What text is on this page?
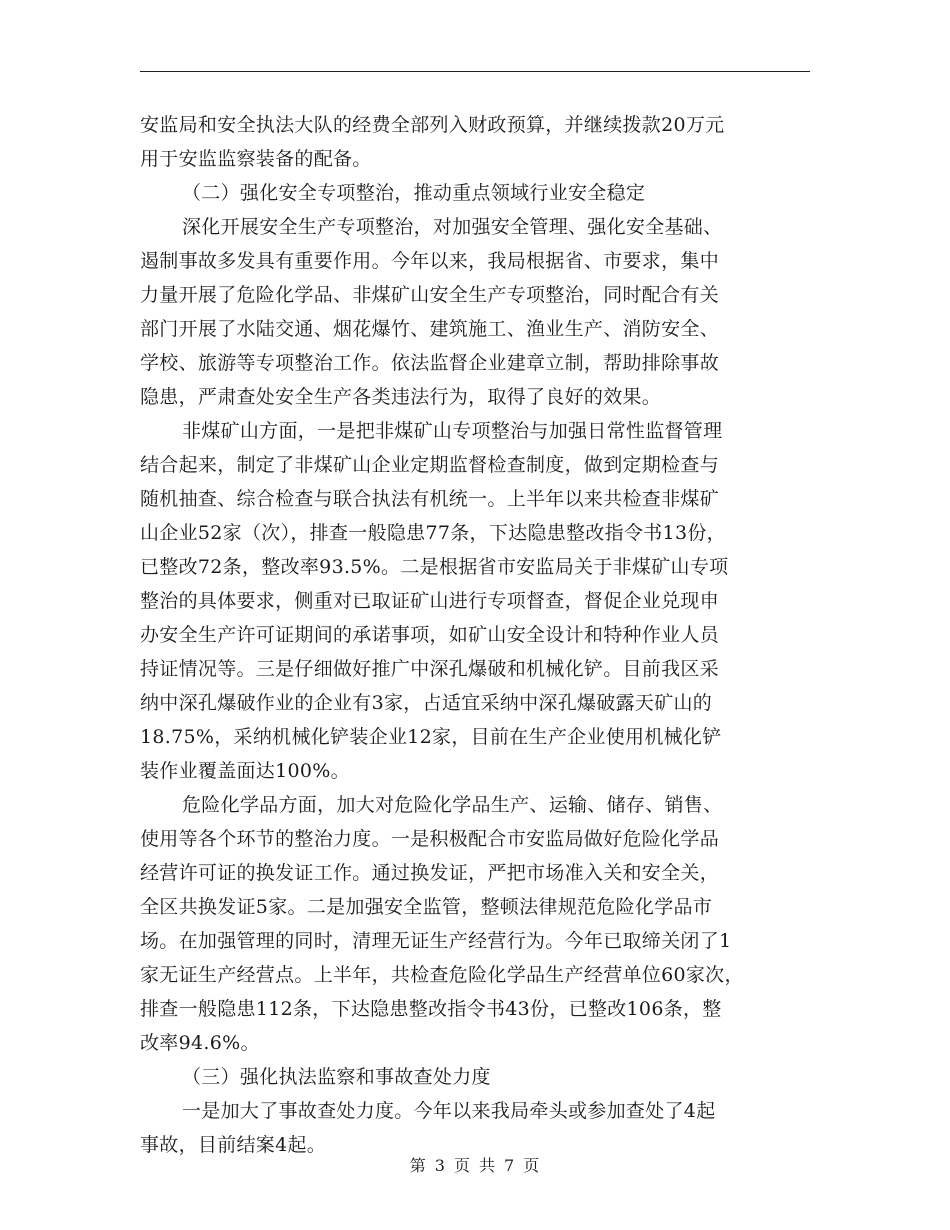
安监局和安全执法大队的经费全部列入财政预算，并继续拨款20万元
用于安监监察装备的配备。
（二）强化安全专项整治，推动重点领域行业安全稳定
深化开展安全生产专项整治，对加强安全管理、强化安全基础、
遏制事故多发具有重要作用。今年以来，我局根据省、市要求，集中
力量开展了危险化学品、非煤矿山安全生产专项整治，同时配合有关
部门开展了水陆交通、烟花爆竹、建筑施工、渔业生产、消防安全、
学校、旅游等专项整治工作。依法监督企业建章立制，帮助排除事故
隐患，严肃查处安全生产各类违法行为，取得了良好的效果。
非煤矿山方面，一是把非煤矿山专项整治与加强日常性监督管理
结合起来，制定了非煤矿山企业定期监督检查制度，做到定期检查与
随机抽查、综合检查与联合执法有机统一。上半年以来共检查非煤矿
山企业52家（次），排查一般隐患77条，下达隐患整改指令书13份，
已整改72条，整改率93.5%。二是根据省市安监局关于非煤矿山专项
整治的具体要求，侧重对已取证矿山进行专项督查，督促企业兑现申
办安全生产许可证期间的承诺事项，如矿山安全设计和特种作业人员
持证情况等。三是仔细做好推广中深孔爆破和机械化铲。目前我区采
纳中深孔爆破作业的企业有3家，占适宜采纳中深孔爆破露天矿山的
18.75%，采纳机械化铲装企业12家，目前在生产企业使用机械化铲
装作业覆盖面达100%。
危险化学品方面，加大对危险化学品生产、运输、储存、销售、
使用等各个环节的整治力度。一是积极配合市安监局做好危险化学品
经营许可证的换发证工作。通过换发证，严把市场准入关和安全关，
全区共换发证5家。二是加强安全监管，整顿法律规范危险化学品市
场。在加强管理的同时，清理无证生产经营行为。今年已取缔关闭了1
家无证生产经营点。上半年，共检查危险化学品生产经营单位60家次，
排查一般隐患112条，下达隐患整改指令书43份，已整改106条，整
改率94.6%。
（三）强化执法监察和事故查处力度
一是加大了事故查处力度。今年以来我局牵头或参加查处了4起
事故，目前结案4起。
第 3 页 共 7 页
